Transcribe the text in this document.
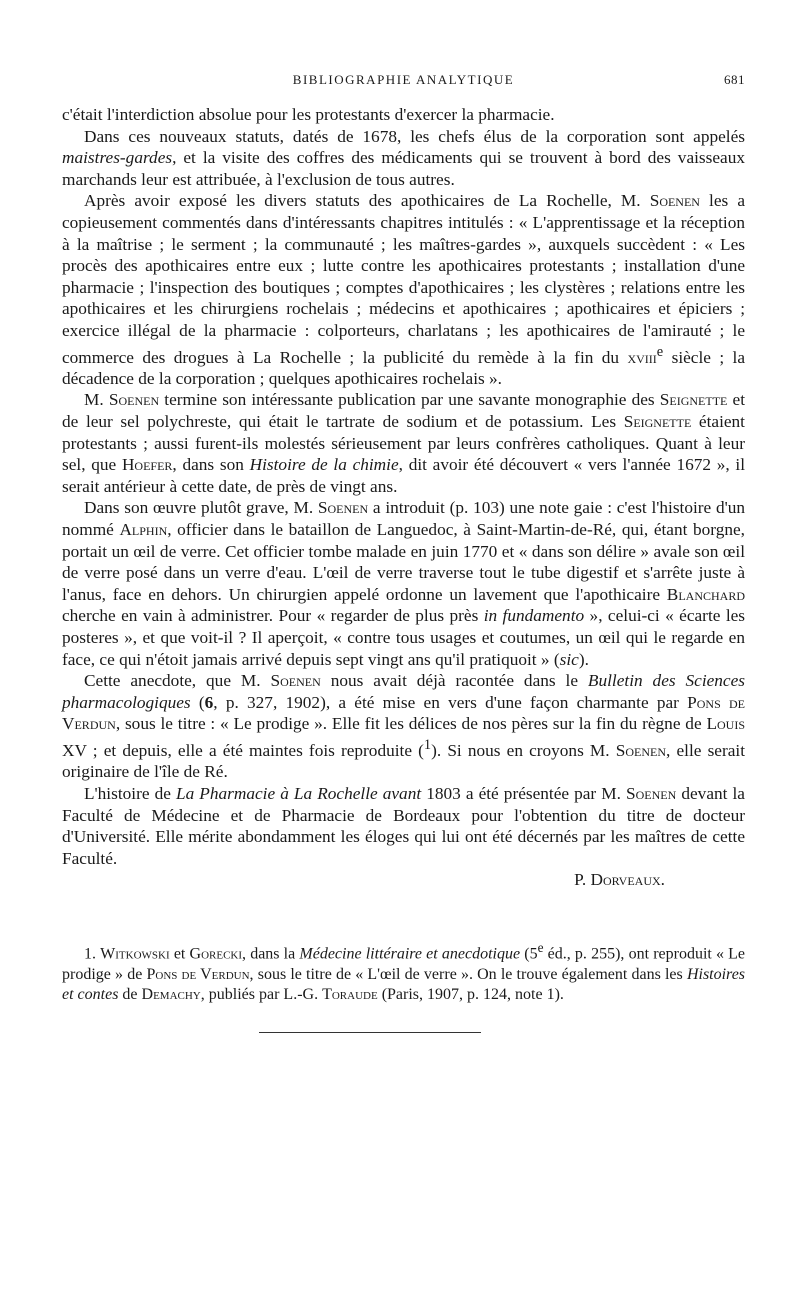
BIBLIOGRAPHIE ANALYTIQUE	681

c'était l'interdiction absolue pour les protestants d'exercer la pharmacie.

Dans ces nouveaux statuts, datés de 1678, les chefs élus de la corporation sont appelés maistres-gardes, et la visite des coffres des médicaments qui se trouvent à bord des vaisseaux marchands leur est attribuée, à l'exclusion de tous autres.

Après avoir exposé les divers statuts des apothicaires de La Rochelle, M. Soenen les a copieusement commentés dans d'intéressants chapitres intitulés : « L'apprentissage et la réception à la maîtrise ; le serment ; la communauté ; les maîtres-gardes », auxquels succèdent : « Les procès des apothicaires entre eux ; lutte contre les apothicaires protestants ; installation d'une pharmacie ; l'inspection des boutiques ; comptes d'apothicaires ; les clystères ; relations entre les apothicaires et les chirurgiens rochelais ; médecins et apothicaires ; apothicaires et épiciers ; exercice illégal de la pharmacie : colporteurs, charlatans ; les apothicaires de l'amirauté ; le commerce des drogues à La Rochelle ; la publicité du remède à la fin du xviii$^e$ siècle ; la décadence de la corporation ; quelques apothicaires rochelais ».

M. Soenen termine son intéressante publication par une savante monographie des Seignette et de leur sel polychreste, qui était le tartrate de sodium et de potassium. Les Seignette étaient protestants ; aussi furent-ils molestés sérieusement par leurs confrères catholiques. Quant à leur sel, que Hoefer, dans son Histoire de la chimie, dit avoir été découvert « vers l'année 1672 », il serait antérieur à cette date, de près de vingt ans.

Dans son œuvre plutôt grave, M. Soenen a introduit (p. 103) une note gaie : c'est l'histoire d'un nommé Alphin, officier dans le bataillon de Languedoc, à Saint-Martin-de-Ré, qui, étant borgne, portait un œil de verre. Cet officier tombe malade en juin 1770 et « dans son délire » avale son œil de verre posé dans un verre d'eau. L'œil de verre traverse tout le tube digestif et s'arrête juste à l'anus, face en dehors. Un chirurgien appelé ordonne un lavement que l'apothicaire Blanchard cherche en vain à administrer. Pour « regarder de plus près in fundamento », celui-ci « écarte les posteres », et que voit-il ? Il aperçoit, « contre tous usages et coutumes, un œil qui le regarde en face, ce qui n'étoit jamais arrivé depuis sept vingt ans qu'il pratiquoit » (sic).

Cette anecdote, que M. Soenen nous avait déjà racontée dans le Bulletin des Sciences pharmacologiques (6, p. 327, 1902), a été mise en vers d'une façon charmante par Pons de Verdun, sous le titre : « Le prodige ». Elle fit les délices de nos pères sur la fin du règne de Louis XV ; et depuis, elle a été maintes fois reproduite ($^1$). Si nous en croyons M. Soenen, elle serait originaire de l'île de Ré.

L'histoire de La Pharmacie à La Rochelle avant 1803 a été présentée par M. Soenen devant la Faculté de Médecine et de Pharmacie de Bordeaux pour l'obtention du titre de docteur d'Université. Elle mérite abondamment les éloges qui lui ont été décernés par les maîtres de cette Faculté.

P. Dorveaux.

1. Witkowski et Gorecki, dans la Médecine littéraire et anecdotique (5e éd., p. 255), ont reproduit « Le prodige » de Pons de Verdun, sous le titre de « L'œil de verre ». On le trouve également dans les Histoires et contes de Demachy, publiés par L.-G. Toraude (Paris, 1907, p. 124, note 1).
